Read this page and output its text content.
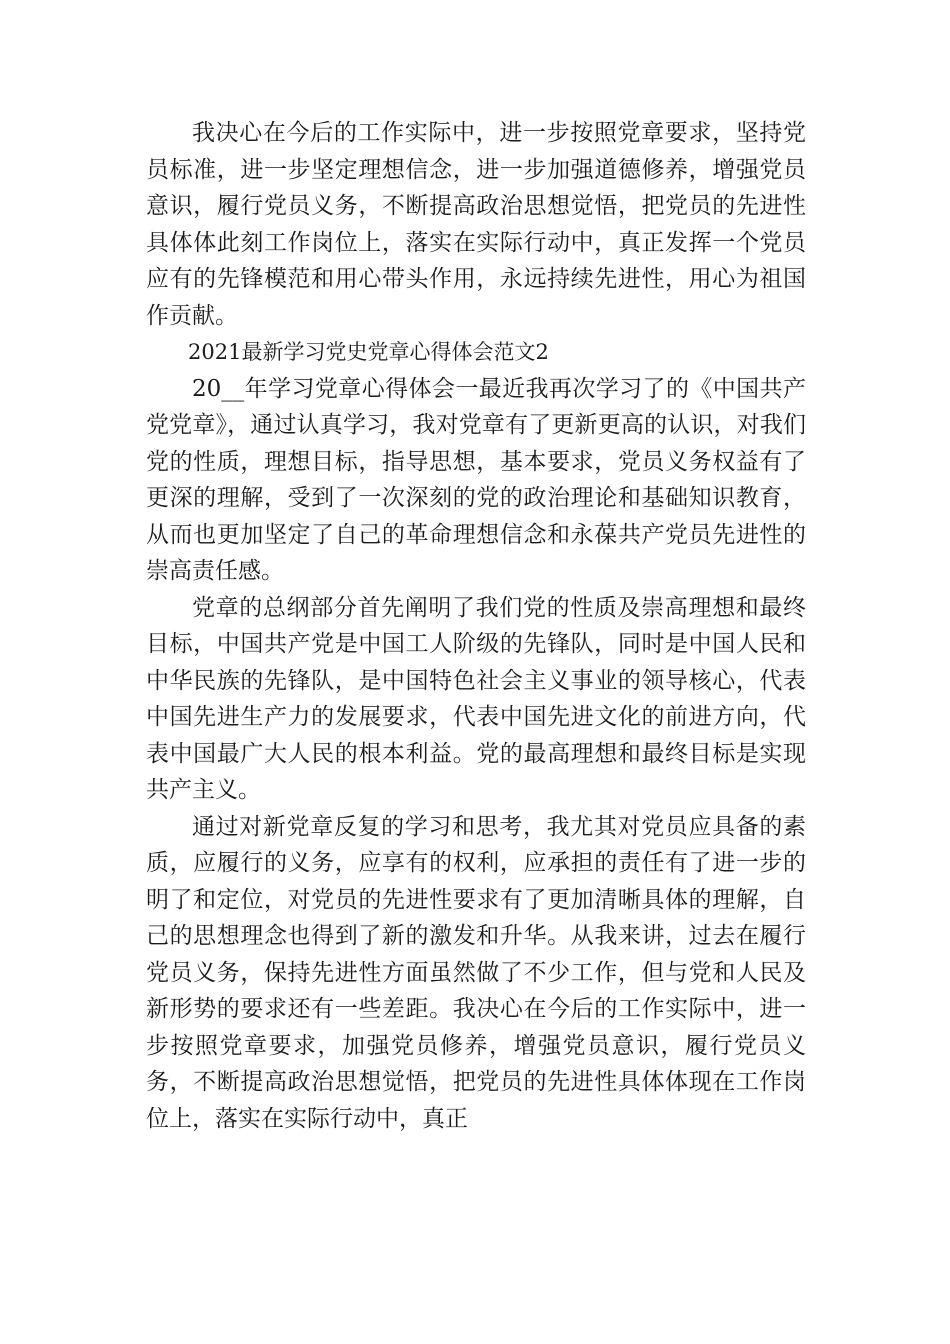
我决心在今后的工作实际中，进一步按照党章要求，坚持党员标准，进一步坚定理想信念，进一步加强道德修养，增强党员意识，履行党员义务，不断提高政治思想觉悟，把党员的先进性具体体此刻工作岗位上，落实在实际行动中，真正发挥一个党员应有的先锋模范和用心带头作用，永远持续先进性，用心为祖国作贡献。

2021最新学习党史党章心得体会范文2

20__年学习党章心得体会一最近我再次学习了的《中国共产党党章》，通过认真学习，我对党章有了更新更高的认识，对我们党的性质，理想目标，指导思想，基本要求，党员义务权益有了更深的理解，受到了一次深刻的党的政治理论和基础知识教育，从而也更加坚定了自己的革命理想信念和永葆共产党员先进性的崇高责任感。

党章的总纲部分首先阐明了我们党的性质及崇高理想和最终目标，中国共产党是中国工人阶级的先锋队，同时是中国人民和中华民族的先锋队，是中国特色社会主义事业的领导核心，代表中国先进生产力的发展要求，代表中国先进文化的前进方向，代表中国最广大人民的根本利益。党的最高理想和最终目标是实现共产主义。

通过对新党章反复的学习和思考，我尤其对党员应具备的素质，应履行的义务，应享有的权利，应承担的责任有了进一步的明了和定位，对党员的先进性要求有了更加清晰具体的理解，自己的思想理念也得到了新的激发和升华。从我来讲，过去在履行党员义务，保持先进性方面虽然做了不少工作，但与党和人民及新形势的要求还有一些差距。我决心在今后的工作实际中，进一步按照党章要求，加强党员修养，增强党员意识，履行党员义务，不断提高政治思想觉悟，把党员的先进性具体体现在工作岗位上，落实在实际行动中，真正
